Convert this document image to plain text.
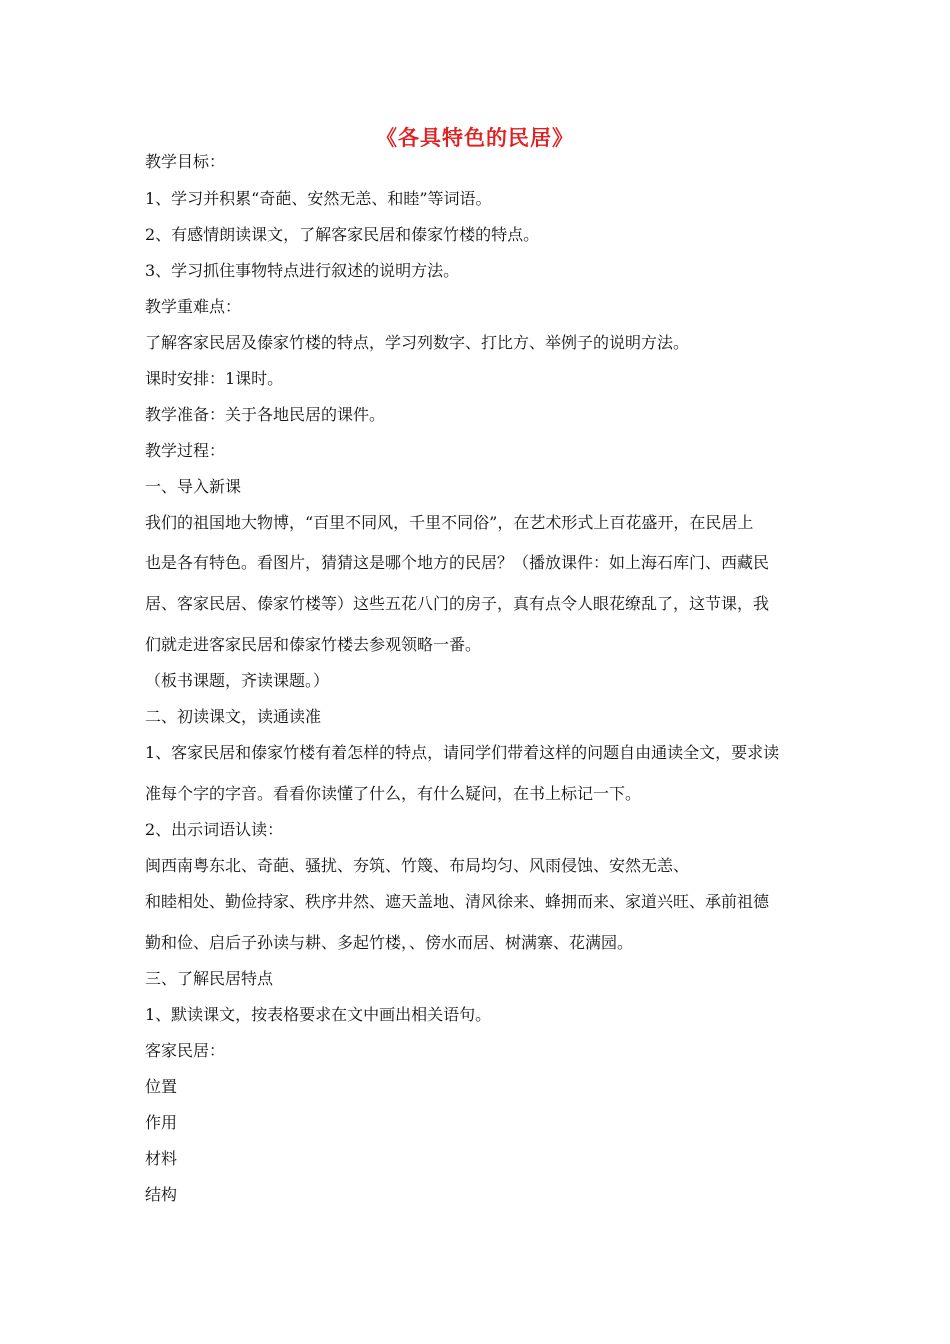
《各具特色的民居》
教学目标：
1、学习并积累“奇葩、安然无恙、和睦”等词语。
2、有感情朗读课文，了解客家民居和傣家竹楼的特点。
3、学习抓住事物特点进行叙述的说明方法。
教学重难点：
了解客家民居及傣家竹楼的特点，学习列数字、打比方、举例子的说明方法。
课时安排：1课时。
教学准备：关于各地民居的课件。
教学过程：
一、导入新课
我们的祖国地大物博，“百里不同风，千里不同俗”，在艺术形式上百花盛开，在民居上
也是各有特色。看图片，猜猜这是哪个地方的民居？（播放课件：如上海石库门、西藏民
居、客家民居、傣家竹楼等）这些五花八门的房子，真有点令人眼花缭乱了，这节课，我
们就走进客家民居和傣家竹楼去参观领略一番。
（板书课题，齐读课题。）
二、初读课文，读通读准
1、客家民居和傣家竹楼有着怎样的特点，请同学们带着这样的问题自由通读全文，要求读
准每个字的字音。看看你读懂了什么，有什么疑问，在书上标记一下。
2、出示词语认读：
闽西南粤东北、奇葩、骚扰、夯筑、竹篾、布局均匀、风雨侵蚀、安然无恙、
和睦相处、勤俭持家、秩序井然、遮天盖地、清风徐来、蜂拥而来、家道兴旺、承前祖德
勤和俭、启后子孙读与耕、多起竹楼，、傍水而居、树满寨、花满园。
三、了解民居特点
1、默读课文，按表格要求在文中画出相关语句。
客家民居：
位置
作用
材料
结构
